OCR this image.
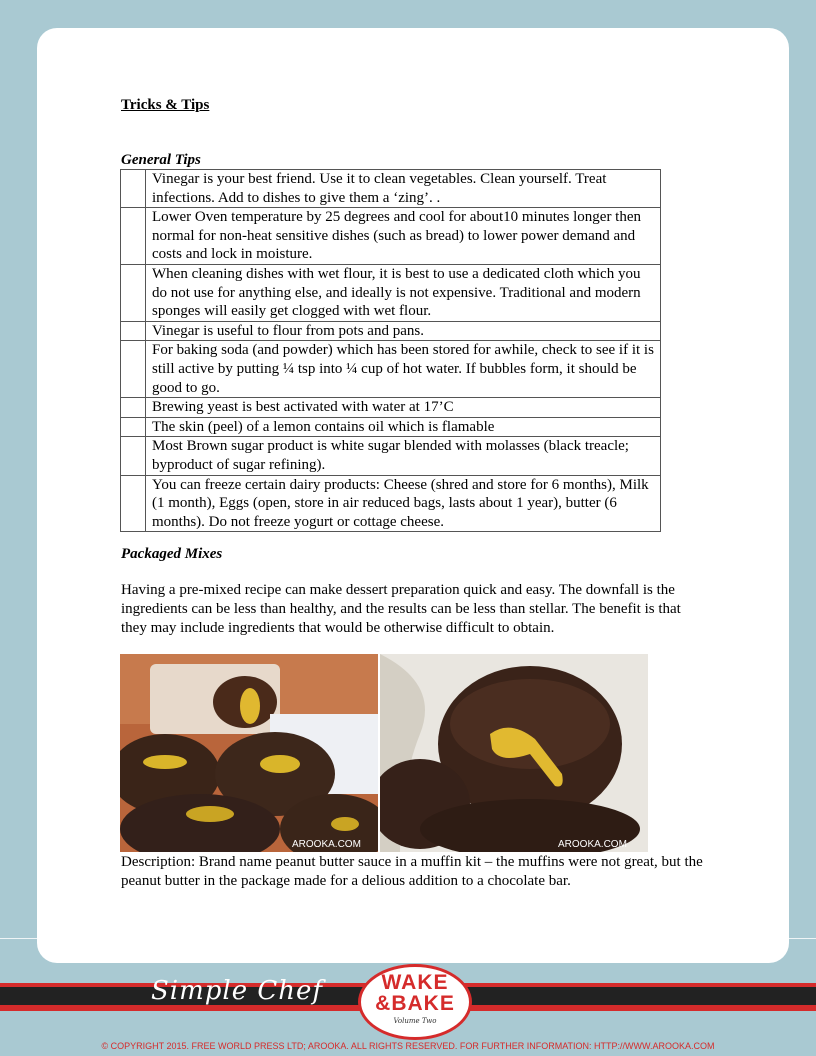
Tricks & Tips
General Tips
	Vinegar is your best friend. Use it to clean vegetables. Clean yourself. Treat infections. Add to dishes to give them a ‘zing’. .
	Lower Oven temperature by 25 degrees and cool for about10 minutes longer then normal for non-heat sensitive dishes (such as bread) to lower power demand and costs and lock in moisture.
	When cleaning dishes with wet flour, it is best to use a dedicated cloth which you do not use for anything else, and ideally is not expensive. Traditional and modern sponges will easily get clogged with wet flour.
	Vinegar is useful to flour from pots and pans.
	For baking soda (and powder) which has been stored for awhile, check to see if it is still active by putting ¼ tsp into ¼ cup of hot water. If bubbles form, it should be good to go.
	Brewing yeast is best activated with water at 17’C
	The skin (peel) of a lemon contains oil which is flamable
	Most Brown sugar product is white sugar blended with molasses (black treacle; byproduct of sugar refining).
	You can freeze certain dairy products: Cheese (shred and store for 6 months), Milk (1 month), Eggs (open, store in air reduced bags, lasts about 1 year), butter (6 months). Do not freeze yogurt or cottage cheese.
Packaged Mixes
Having a pre-mixed recipe can make dessert preparation quick and easy. The downfall is the ingredients can be less than healthy, and the results can be less than stellar. The benefit is that they may include ingredients that would be otherwise difficult to obtain.
AROOKA.COM	AROOKA.COM
Description: Brand name peanut butter sauce in a muffin kit – the muffins were not great, but the peanut butter in the package made for a delious addition to a chocolate bar.
Simple Chef	WAKE
&BAKE
Volume Two
© COPYRIGHT 2015. FREE WORLD PRESS LTD; AROOKA. ALL RIGHTS RESERVED. FOR FURTHER INFORMATION: HTTP://WWW.AROOKA.COM
